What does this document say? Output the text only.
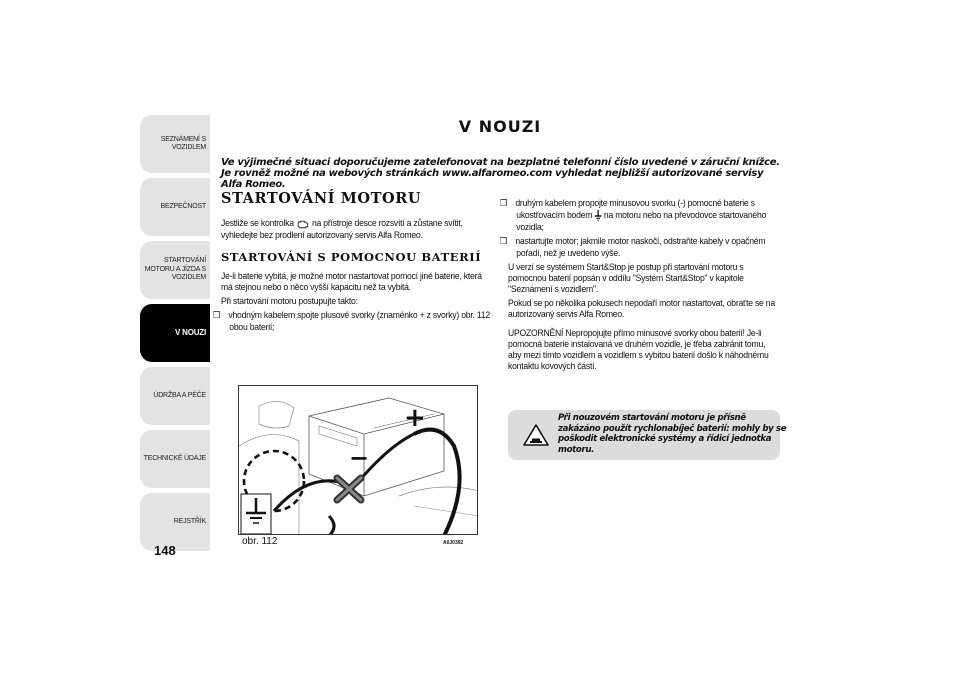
SEZNÁMENÍ S VOZIDLEM
BEZPEČNOST
STARTOVÁNÍ MOTORU A JÍZDA S VOZIDLEM
V NOUZI
ÚDRŽBA A PÉČE
TECHNICKÉ ÚDAJE
REJSTŘÍK
148
V NOUZI
Ve výjimečné situaci doporučujeme zatelefonovat na bezplatné telefonní číslo uvedené v záruční knížce. Je rovněž možné na webových stránkách www.alfaromeo.com vyhledat nejbližší autorizované servisy Alfa Romeo.
STARTOVÁNÍ MOTORU
Jestliže se kontrolka na přístroje desce rozsvítí a zůstane svítit, vyhledejte bez prodlení autorizovaný servis Alfa Romeo.
STARTOVÁNÍ S POMOCNOU BATERIÍ
Je-li baterie vybitá, je možné motor nastartovat pomocí jiné baterie, která má stejnou nebo o něco vyšší kapacitu než ta vybitá.
Při startování motoru postupujte takto:
❒ vhodným kabelem spojte plusové svorky (znaménko + z svorky) obr. 112 obou baterií;
❒ druhým kabelem propojte minusovou svorku (-) pomocné baterie s ukostřovacím bodem na motoru nebo na převodovce startovaného vozidla;
❒ nastartujte motor; jakmile motor naskočí, odstraňte kabely v opačném pořadí, než je uvedeno výše.
U verzí se systémem Start&Stop je postup při startování motoru s pomocnou baterií popsán v oddílu "Systém Start&Stop" v kapitole "Seznámení s vozidlem".
Pokud se po několika pokusech nepodaří motor nastartovat, obraťte se na autorizovaný servis Alfa Romeo.
UPOZORNĚNÍ Nepropojujte přímo minusové svorky obou baterií! Je-li pomocná baterie instalovaná ve druhém vozidle, je třeba zabránit tomu, aby mezi tímto vozidlem a vozidlem s vybitou baterií došlo k náhodnému kontaktu kovových částí.
Při nouzovém startování motoru je přísně zakázáno použít rychlonabíječ baterií: mohly by se poškodit elektronické systémy a řídicí jednotka motoru.
+
−
obr. 112	A0J0392
